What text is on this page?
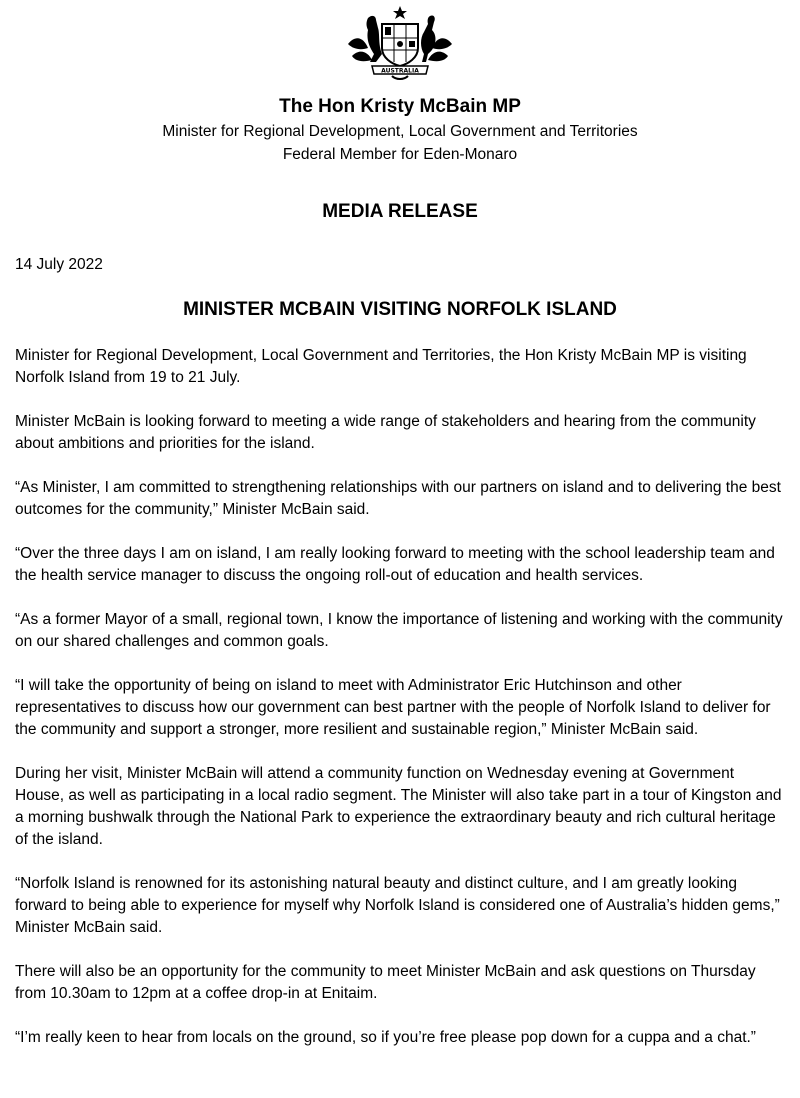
AUSTRALIA

The Hon Kristy McBain MP

Minister for Regional Development, Local Government and Territories

Federal Member for Eden-Monaro

MEDIA RELEASE

14 July 2022

MINISTER MCBAIN VISITING NORFOLK ISLAND

Minister for Regional Development, Local Government and Territories, the Hon Kristy McBain MP is visiting Norfolk Island from 19 to 21 July.

Minister McBain is looking forward to meeting a wide range of stakeholders and hearing from the community about ambitions and priorities for the island.

“As Minister, I am committed to strengthening relationships with our partners on island and to delivering the best outcomes for the community,” Minister McBain said.

“Over the three days I am on island, I am really looking forward to meeting with the school leadership team and the health service manager to discuss the ongoing roll-out of education and health services.

“As a former Mayor of a small, regional town, I know the importance of listening and working with the community on our shared challenges and common goals.

“I will take the opportunity of being on island to meet with Administrator Eric Hutchinson and other representatives to discuss how our government can best partner with the people of Norfolk Island to deliver for the community and support a stronger, more resilient and sustainable region,” Minister McBain said.

During her visit, Minister McBain will attend a community function on Wednesday evening at Government House, as well as participating in a local radio segment. The Minister will also take part in a tour of Kingston and a morning bushwalk through the National Park to experience the extraordinary beauty and rich cultural heritage of the island.

“Norfolk Island is renowned for its astonishing natural beauty and distinct culture, and I am greatly looking forward to being able to experience for myself why Norfolk Island is considered one of Australia’s hidden gems,” Minister McBain said.

There will also be an opportunity for the community to meet Minister McBain and ask questions on Thursday from 10.30am to 12pm at a coffee drop-in at Enitaim.

“I’m really keen to hear from locals on the ground, so if you’re free please pop down for a cuppa and a chat.”
